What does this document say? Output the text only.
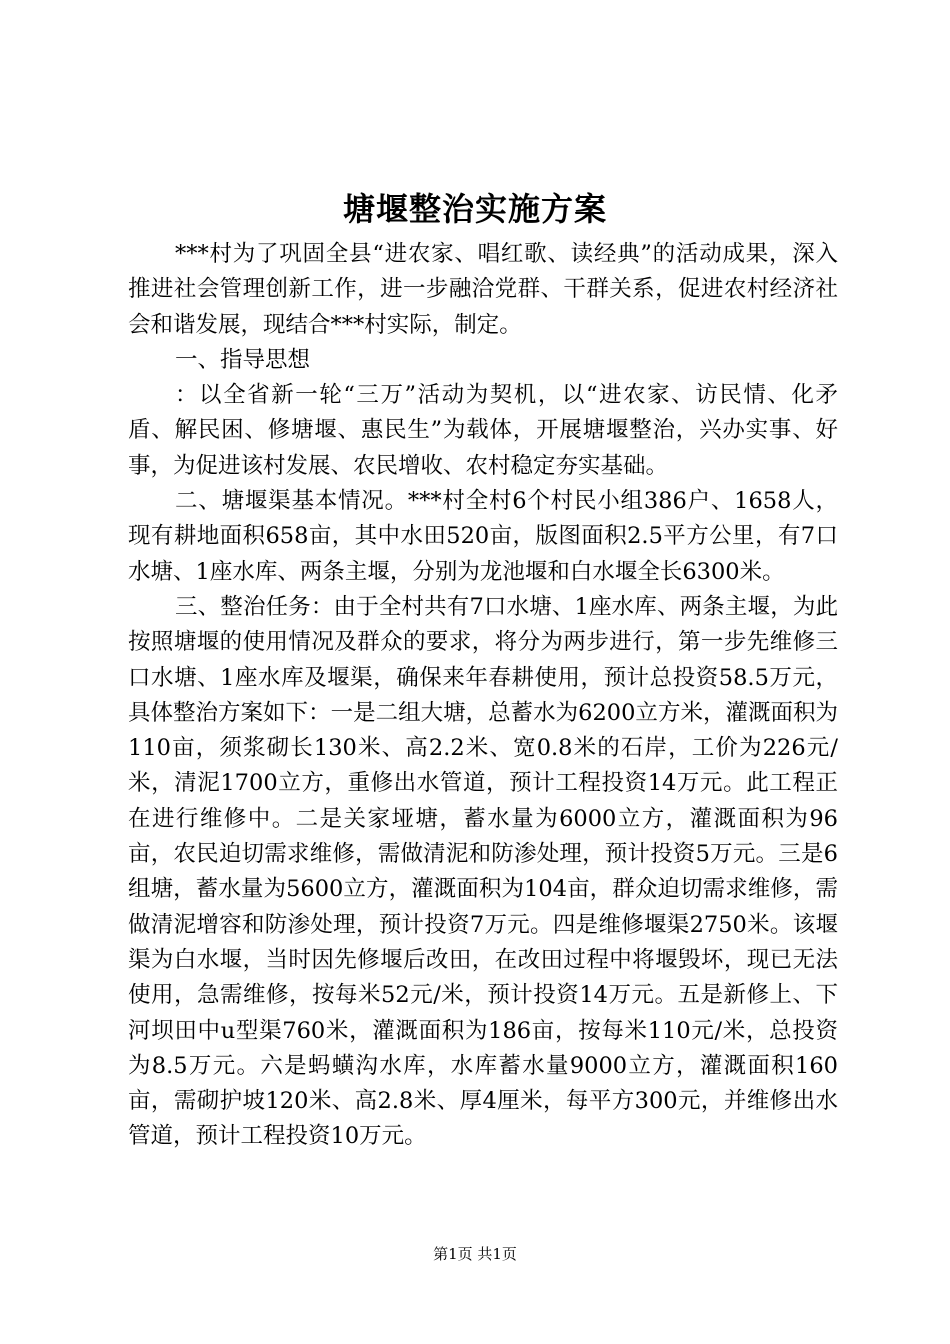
塘堰整治实施方案

***村为了巩固全县“进农家、唱红歌、读经典”的活动成果，深入推进社会管理创新工作，进一步融洽党群、干群关系，促进农村经济社会和谐发展，现结合***村实际，制定。

一、指导思想

：以全省新一轮“三万”活动为契机，以“进农家、访民情、化矛盾、解民困、修塘堰、惠民生”为载体，开展塘堰整治，兴办实事、好事，为促进该村发展、农民增收、农村稳定夯实基础。

二、塘堰渠基本情况。***村全村6个村民小组386户、1658人，现有耕地面积658亩，其中水田520亩，版图面积2.5平方公里，有7口水塘、1座水库、两条主堰，分别为龙池堰和白水堰全长6300米。

三、整治任务：由于全村共有7口水塘、1座水库、两条主堰，为此按照塘堰的使用情况及群众的要求，将分为两步进行，第一步先维修三口水塘、1座水库及堰渠，确保来年春耕使用，预计总投资58.5万元，具体整治方案如下：一是二组大塘，总蓄水为6200立方米，灌溉面积为110亩，须浆砌长130米、高2.2米、宽0.8米的石岸，工价为226元/米，清泥1700立方，重修出水管道，预计工程投资14万元。此工程正在进行维修中。二是关家垭塘，蓄水量为6000立方，灌溉面积为96亩，农民迫切需求维修，需做清泥和防渗处理，预计投资5万元。三是6组塘，蓄水量为5600立方，灌溉面积为104亩，群众迫切需求维修，需做清泥增容和防渗处理，预计投资7万元。四是维修堰渠2750米。该堰渠为白水堰，当时因先修堰后改田，在改田过程中将堰毁坏，现已无法使用，急需维修，按每米52元/米，预计投资14万元。五是新修上、下河坝田中u型渠760米，灌溉面积为186亩，按每米110元/米，总投资为8.5万元。六是蚂蟥沟水库，水库蓄水量9000立方，灌溉面积160亩，需砌护坡120米、高2.8米、厚4厘米，每平方300元，并维修出水管道，预计工程投资10万元。

第1页 共1页
